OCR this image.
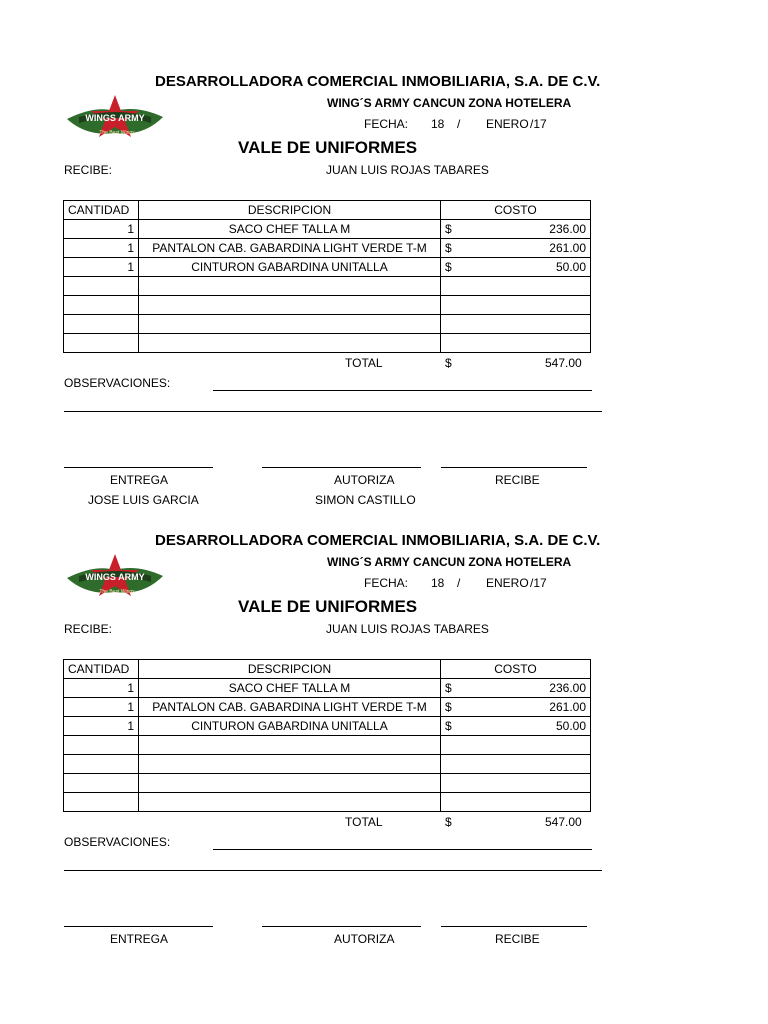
DESARROLLADORA COMERCIAL INMOBILIARIA, S.A. DE C.V.
WINGS ARMY
The Best Wings
WING´S ARMY CANCUN ZONA HOTELERA
FECHA: 18 / ENERO /17
VALE DE UNIFORMES
RECIBE:	JUAN LUIS ROJAS TABARES
CANTIDAD	DESCRIPCION	COSTO
1	SACO CHEF TALLA M	$ 236.00

1	PANTALON CAB. GABARDINA LIGHT VERDE T-M	$ 261.00

1	CINTURON GABARDINA UNITALLA	$ 50.00

TOTAL	$	547.00
OBSERVACIONES:
ENTREGA	AUTORIZA	RECIBE
JOSE LUIS GARCIA	SIMON CASTILLO
DESARROLLADORA COMERCIAL INMOBILIARIA, S.A. DE C.V.
WINGS ARMY
The Best Wings
WING´S ARMY CANCUN ZONA HOTELERA
FECHA: 18 / ENERO /17
VALE DE UNIFORMES
RECIBE:	JUAN LUIS ROJAS TABARES
CANTIDAD	DESCRIPCION	COSTO
1	SACO CHEF TALLA M	$ 236.00

1	PANTALON CAB. GABARDINA LIGHT VERDE T-M	$ 261.00

1	CINTURON GABARDINA UNITALLA	$ 50.00

TOTAL	$	547.00
OBSERVACIONES:
ENTREGA	AUTORIZA	RECIBE
